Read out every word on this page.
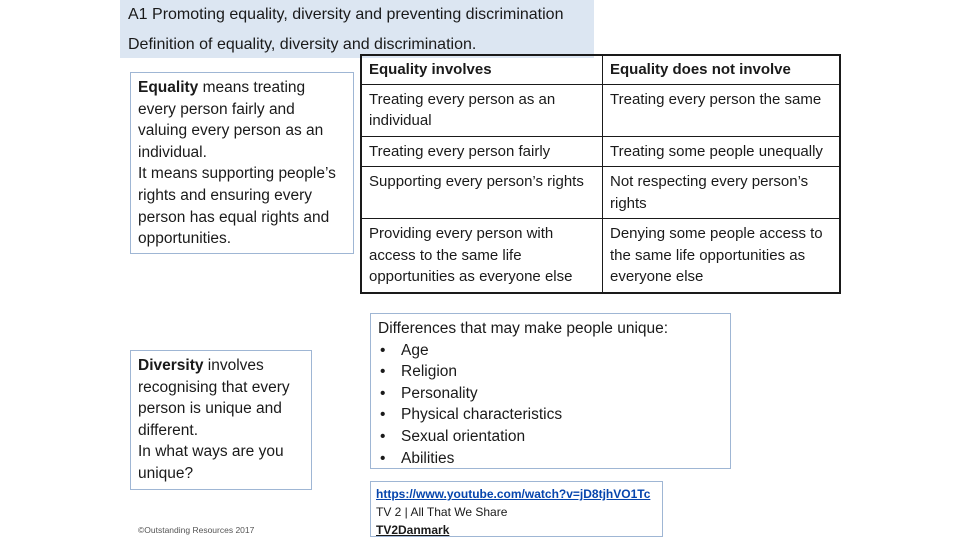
A1 Promoting equality, diversity and preventing discrimination
Definition of equality, diversity and discrimination.

Equality means treating every person fairly and valuing every person as an individual.

It means supporting people’s rights and ensuring every person has equal rights and opportunities.

Diversity involves recognising that every person is unique and different.

In what ways are you unique?

Equality involves	Equality does not involve
Treating every person as an individual	Treating every person the same
Treating every person fairly	Treating some people unequally
Supporting every person’s rights	Not respecting every person’s rights
Providing every person with access to the same life opportunities as everyone else	Denying some people access to the same life opportunities as everyone else
Differences that may make people unique:
• Age
• Religion
• Personality
• Physical characteristics
• Sexual orientation
• Abilities
https://www.youtube.com/watch?v=jD8tjhVO1Tc
TV 2 | All That We Share
TV2Danmark
©Outstanding Resources 2017
